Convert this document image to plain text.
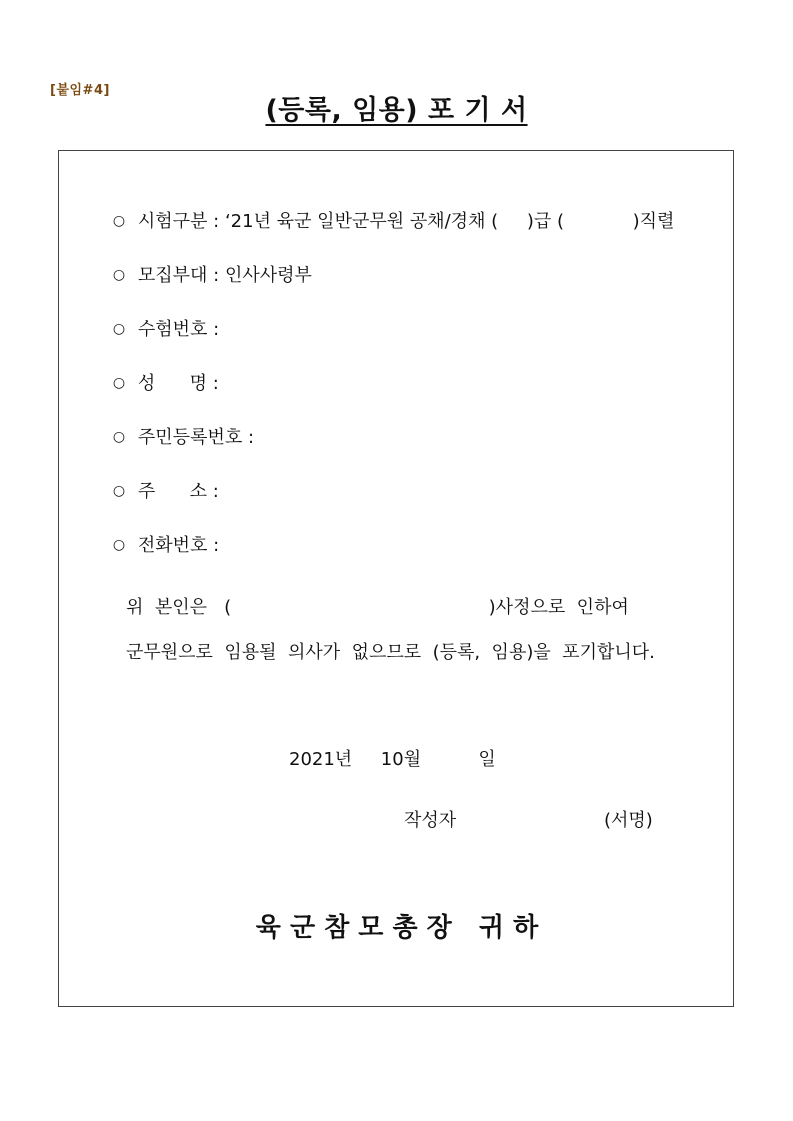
[붙임#4]
(등록, 임용) 포 기 서

○ 시험구분 : ‘21년 육군 일반군무원 공채/경채 (     )급 (            )직렬

○ 모집부대 : 인사사령부

○ 수험번호 :

○ 성      명 :

○ 주민등록번호 :

○ 주      소 :

○ 전화번호 :

위  본인은   (                                             )사정으로  인하여
군무원으로  임용될  의사가  없으므로  (등록,  임용)을  포기합니다.
2021년     10월          일
작성자	(서명)
육 군 참 모 총 장   귀 하
